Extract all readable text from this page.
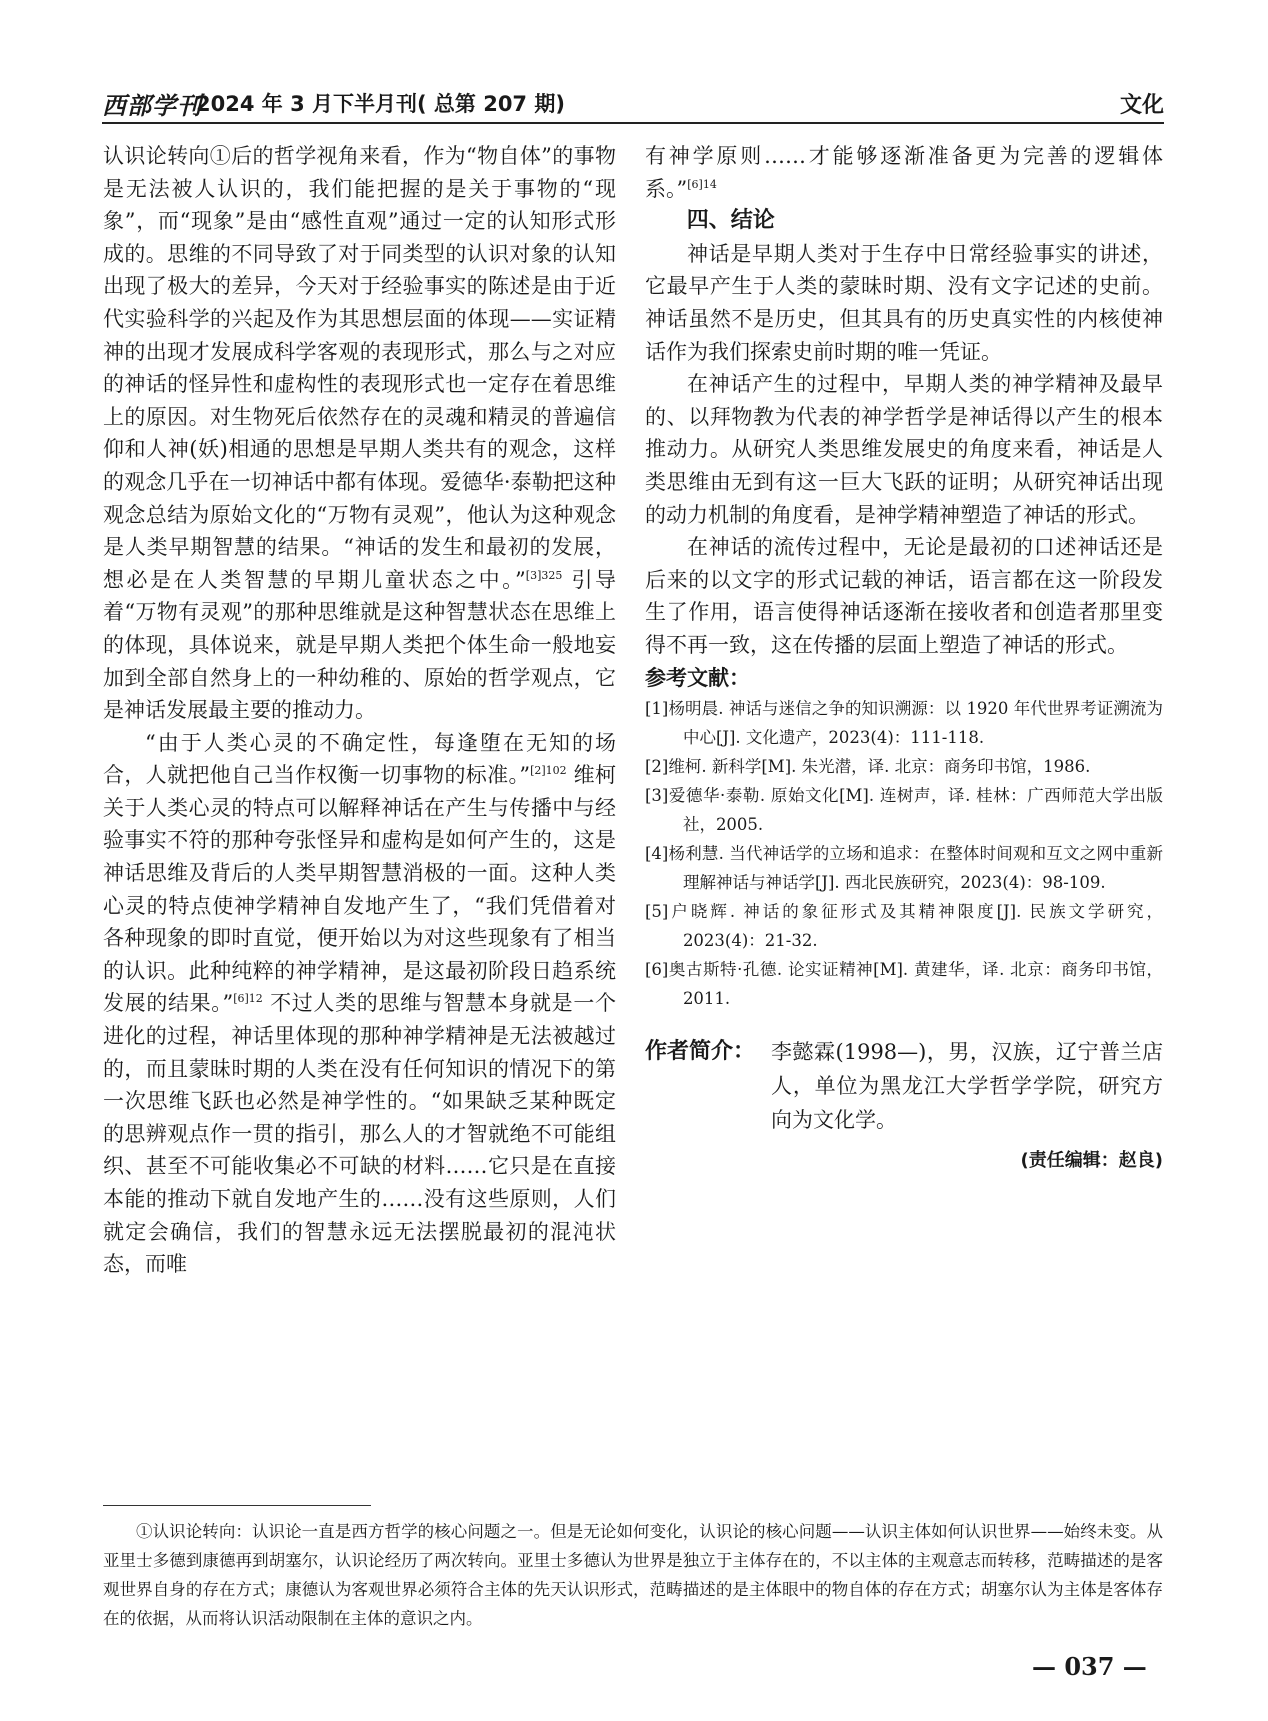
西部学刊
2024 年 3 月下半月刊( 总第 207 期)	文化

认识论转向①后的哲学视角来看，作为“物自体”的事物是无法被人认识的，我们能把握的是关于事物的“现象”，而“现象”是由“感性直观”通过一定的认知形式形成的。思维的不同导致了对于同类型的认识对象的认知出现了极大的差异，今天对于经验事实的陈述是由于近代实验科学的兴起及作为其思想层面的体现——实证精神的出现才发展成科学客观的表现形式，那么与之对应的神话的怪异性和虚构性的表现形式也一定存在着思维上的原因。对生物死后依然存在的灵魂和精灵的普遍信仰和人神(妖)相通的思想是早期人类共有的观念，这样的观念几乎在一切神话中都有体现。爱德华·泰勒把这种观念总结为原始文化的“万物有灵观”，他认为这种观念是人类早期智慧的结果。“神话的发生和最初的发展，想必是在人类智慧的早期儿童状态之中。”$^{[3]325}$ 引导着“万物有灵观”的那种思维就是这种智慧状态在思维上的体现，具体说来，就是早期人类把个体生命一般地妄加到全部自然身上的一种幼稚的、原始的哲学观点，它是神话发展最主要的推动力。

“由于人类心灵的不确定性，每逢堕在无知的场合，人就把他自己当作权衡一切事物的标准。”$^{[2]102}$ 维柯关于人类心灵的特点可以解释神话在产生与传播中与经验事实不符的那种夸张怪异和虚构是如何产生的，这是神话思维及背后的人类早期智慧消极的一面。这种人类心灵的特点使神学精神自发地产生了，“我们凭借着对各种现象的即时直觉，便开始以为对这些现象有了相当的认识。此种纯粹的神学精神，是这最初阶段日趋系统发展的结果。”$^{[6]12}$ 不过人类的思维与智慧本身就是一个进化的过程，神话里体现的那种神学精神是无法被越过的，而且蒙昧时期的人类在没有任何知识的情况下的第一次思维飞跃也必然是神学性的。“如果缺乏某种既定的思辨观点作一贯的指引，那么人的才智就绝不可能组织、甚至不可能收集必不可缺的材料……它只是在直接本能的推动下就自发地产生的……没有这些原则，人们就定会确信，我们的智慧永远无法摆脱最初的混沌状态，而唯

有神学原则……才能够逐渐准备更为完善的逻辑体系。”$^{[6]14}$

四、结论

神话是早期人类对于生存中日常经验事实的讲述，它最早产生于人类的蒙昧时期、没有文字记述的史前。神话虽然不是历史，但其具有的历史真实性的内核使神话作为我们探索史前时期的唯一凭证。

在神话产生的过程中，早期人类的神学精神及最早的、以拜物教为代表的神学哲学是神话得以产生的根本推动力。从研究人类思维发展史的角度来看，神话是人类思维由无到有这一巨大飞跃的证明；从研究神话出现的动力机制的角度看，是神学精神塑造了神话的形式。

在神话的流传过程中，无论是最初的口述神话还是后来的以文字的形式记载的神话，语言都在这一阶段发生了作用，语言使得神话逐渐在接收者和创造者那里变得不再一致，这在传播的层面上塑造了神话的形式。

参考文献：

[1]杨明晨. 神话与迷信之争的知识溯源：以 1920 年代世界考证溯流为中心[J]. 文化遗产，2023(4)：111-118.

[2]维柯. 新科学[M]. 朱光潜，译. 北京：商务印书馆，1986.

[3]爱德华·泰勒. 原始文化[M]. 连树声，译. 桂林：广西师范大学出版社，2005.

[4]杨利慧. 当代神话学的立场和追求：在整体时间观和互文之网中重新理解神话与神话学[J]. 西北民族研究，2023(4)：98-109.

[5]户晓辉. 神话的象征形式及其精神限度[J]. 民族文学研究，2023(4)：21-32.

[6]奥古斯特·孔德. 论实证精神[M]. 黄建华，译. 北京：商务印书馆，2011.

作者简介： 李懿霖(1998—)，男，汉族，辽宁普兰店人，单位为黑龙江大学哲学学院，研究方向为文化学。
(责任编辑：赵良)
①认识论转向：认识论一直是西方哲学的核心问题之一。但是无论如何变化，认识论的核心问题——认识主体如何认识世界——始终未变。从亚里士多德到康德再到胡塞尔，认识论经历了两次转向。亚里士多德认为世界是独立于主体存在的，不以主体的主观意志而转移，范畴描述的是客观世界自身的存在方式；康德认为客观世界必须符合主体的先天认识形式，范畴描述的是主体眼中的物自体的存在方式；胡塞尔认为主体是客体存在的依据，从而将认识活动限制在主体的意识之内。
— 037 —
